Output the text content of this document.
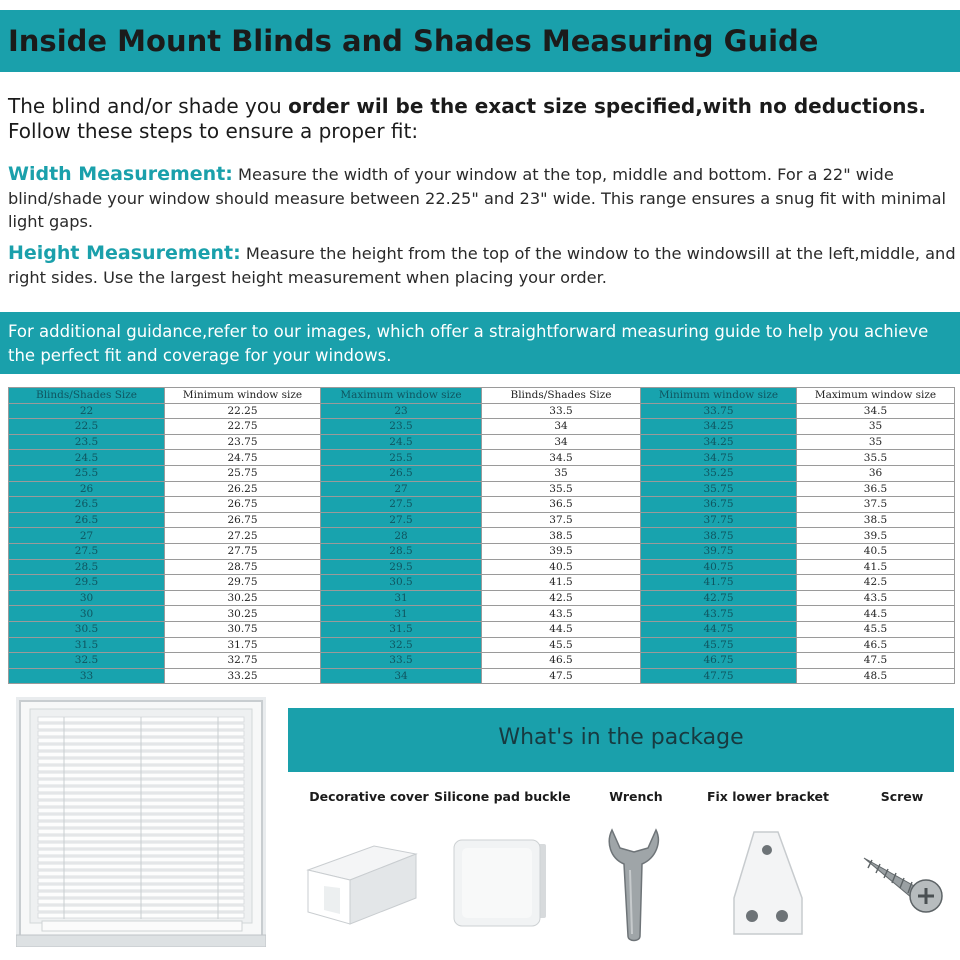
Inside Mount Blinds and Shades Measuring Guide
The blind and/or shade you order wil be the exact size specified,with no deductions.
Follow these steps to ensure a proper fit:
Width Measurement: Measure the width of your window at the top, middle and bottom. For a 22" wide blind/shade your window should measure between 22.25" and 23" wide. This range ensures a snug fit with minimal light gaps.
Height Measurement: Measure the height from the top of the window to the windowsill at the left,middle, and right sides. Use the largest height measurement when placing your order.

For additional guidance,refer to our images, which offer a straightforward measuring guide to help you achieve the perfect fit and coverage for your windows.

Blinds/Shades Size	Minimum window size	Maximum window size	Blinds/Shades Size	Minimum window size	Maximum window size
22	22.25	23	33.5	33.75	34.5
22.5	22.75	23.5	34	34.25	35
23.5	23.75	24.5	34	34.25	35
24.5	24.75	25.5	34.5	34.75	35.5
25.5	25.75	26.5	35	35.25	36
26	26.25	27	35.5	35.75	36.5
26.5	26.75	27.5	36.5	36.75	37.5
26.5	26.75	27.5	37.5	37.75	38.5
27	27.25	28	38.5	38.75	39.5
27.5	27.75	28.5	39.5	39.75	40.5
28.5	28.75	29.5	40.5	40.75	41.5
29.5	29.75	30.5	41.5	41.75	42.5
30	30.25	31	42.5	42.75	43.5
30	30.25	31	43.5	43.75	44.5
30.5	30.75	31.5	44.5	44.75	45.5
31.5	31.75	32.5	45.5	45.75	46.5
32.5	32.75	33.5	46.5	46.75	47.5
33	33.25	34	47.5	47.75	48.5
What's in the package
Decorative cover Silicone pad buckle	Wrench	Fix lower bracket	Screw
